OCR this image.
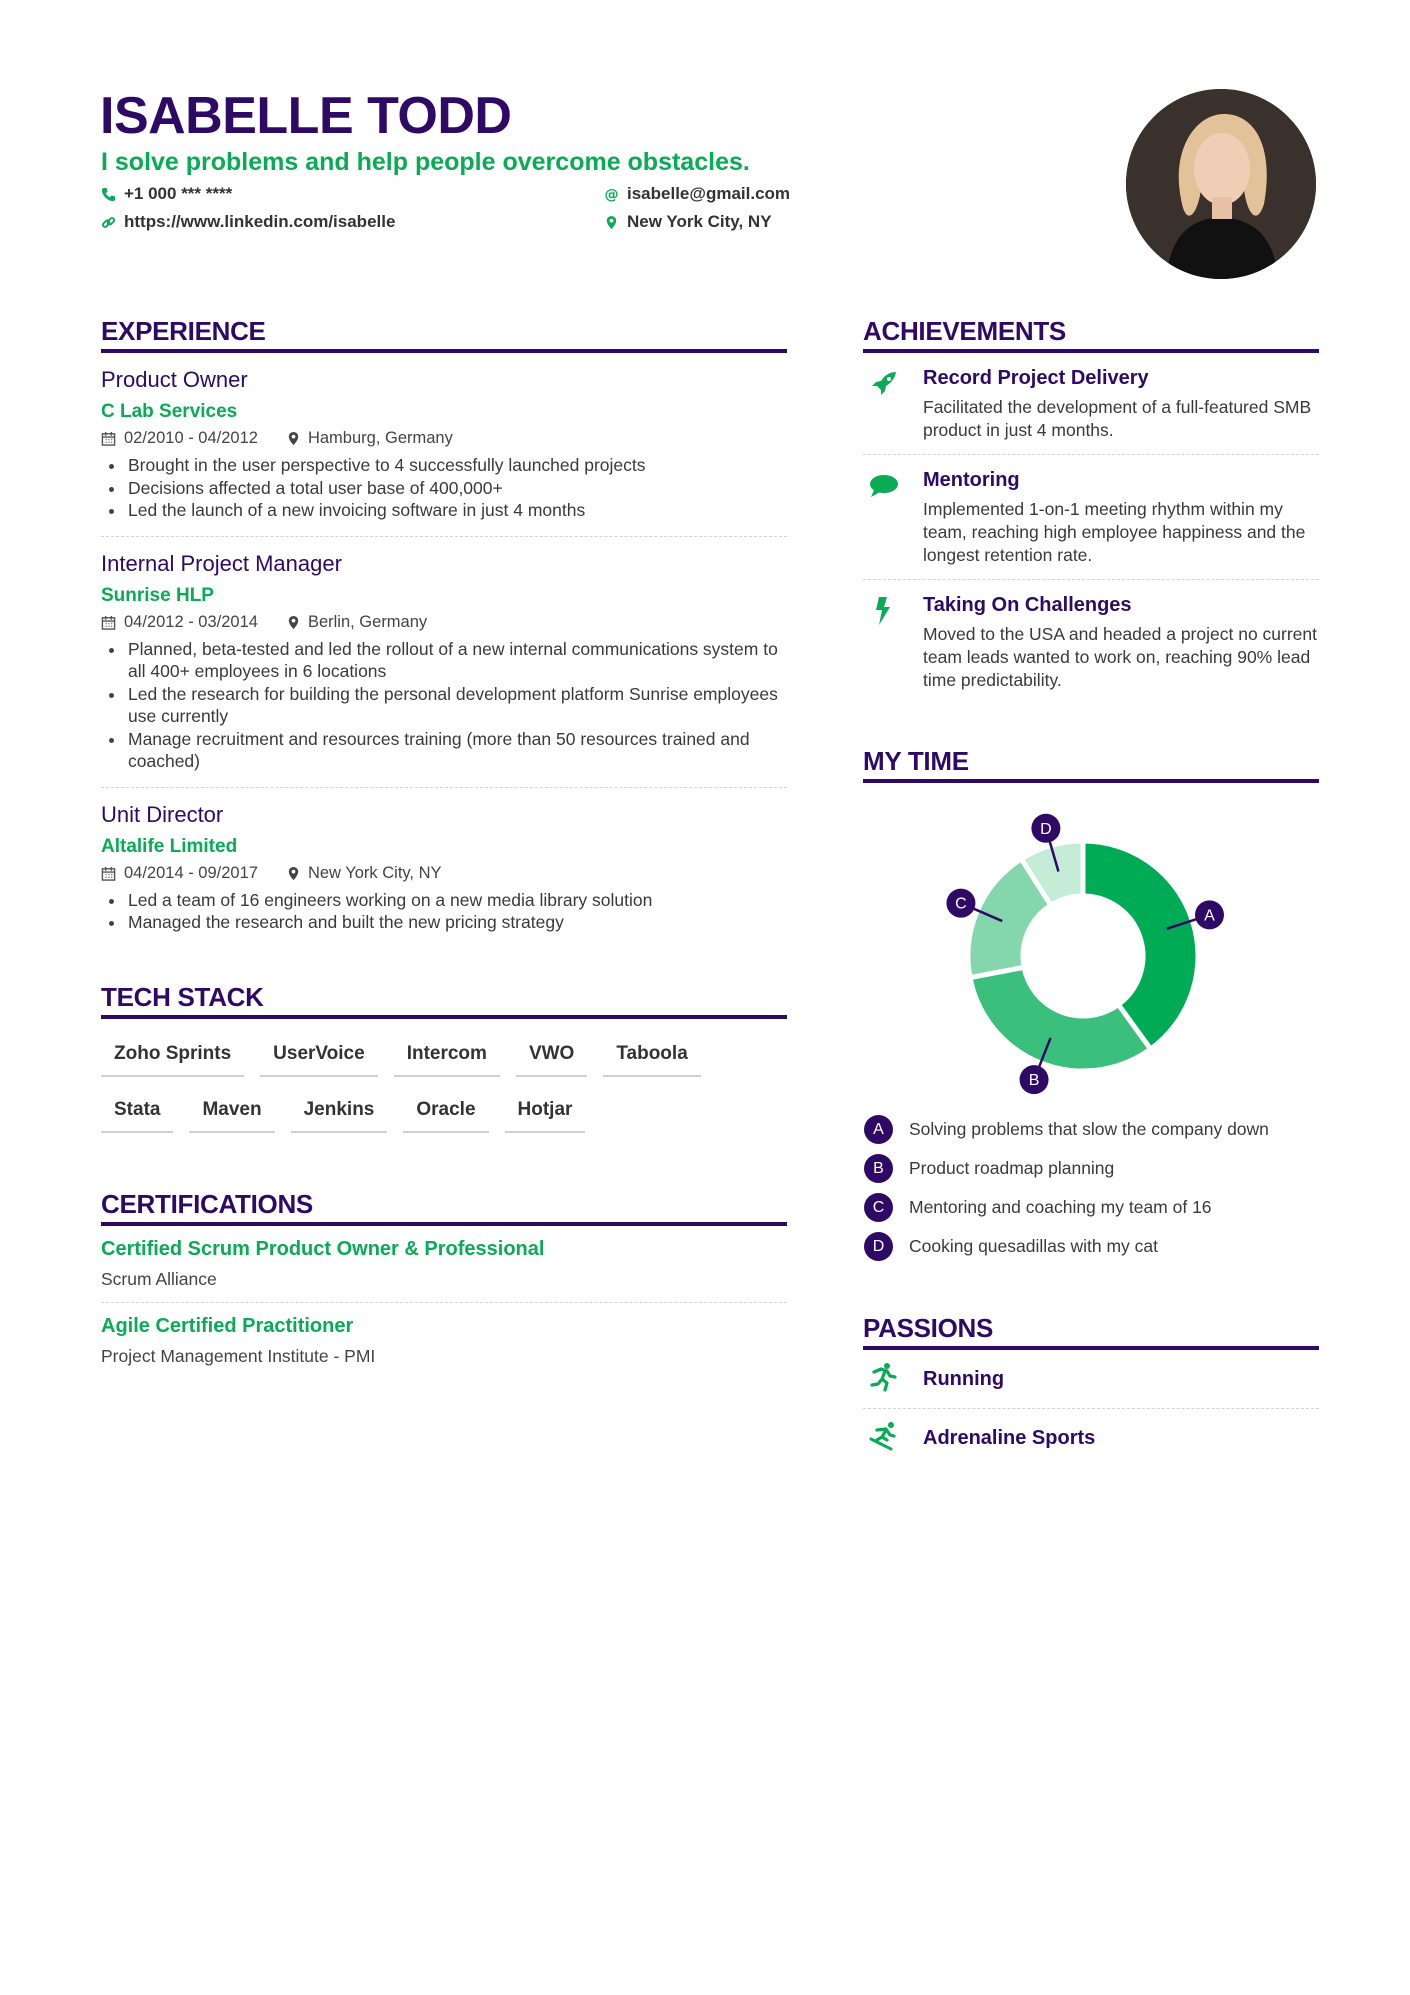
ISABELLE TODD
I solve problems and help people overcome obstacles.
+1 000 *** ****
https://www.linkedin.com/isabelle
@ isabelle@gmail.com
New York City, NY
EXPERIENCE
Product Owner
C Lab Services
02/2010 - 04/2012	Hamburg, Germany
Brought in the user perspective to 4 successfully launched projects
Decisions affected a total user base of 400,000+
Led the launch of a new invoicing software in just 4 months
Internal Project Manager
Sunrise HLP
04/2012 - 03/2014	Berlin, Germany
Planned, beta-tested and led the rollout of a new internal communications system to all 400+ employees in 6 locations
Led the research for building the personal development platform Sunrise employees use currently
Manage recruitment and resources training (more than 50 resources trained and coached)
Unit Director
Altalife Limited
04/2014 - 09/2017	New York City, NY
Led a team of 16 engineers working on a new media library solution
Managed the research and built the new pricing strategy
TECH STACK
Zoho Sprints	UserVoice	Intercom	VWO	Taboola
Stata	Maven	Jenkins	Oracle	Hotjar
CERTIFICATIONS
Certified Scrum Product Owner & Professional
Scrum Alliance
Agile Certified Practitioner
Project Management Institute - PMI
ACHIEVEMENTS
Record Project Delivery
Facilitated the development of a full-featured SMB product in just 4 months.
Mentoring
Implemented 1-on-1 meeting rhythm within my team, reaching high employee happiness and the longest retention rate.
Taking On Challenges
Moved to the USA and headed a project no current team leads wanted to work on, reaching 90% lead time predictability.
MY TIME
A
B
C
D
A	Solving problems that slow the company down
B	Product roadmap planning
C	Mentoring and coaching my team of 16
D	Cooking quesadillas with my cat
PASSIONS
Running
Adrenaline Sports
